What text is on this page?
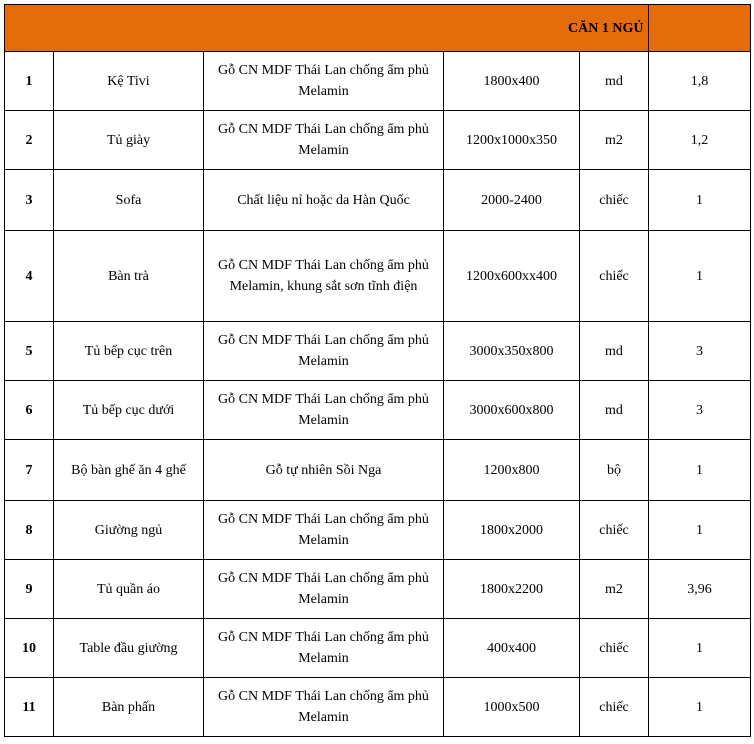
					CĂN 1 NGỦ
1	Kệ Tivi	Gỗ CN MDF Thái Lan chống ẩm phủ Melamin	1800x400	md	1,8
2	Tủ giày	Gỗ CN MDF Thái Lan chống ẩm phủ Melamin	1200x1000x350	m2	1,2
3	Sofa	Chất liệu nỉ hoặc da Hàn Quốc	2000-2400	chiếc	1
4	Bàn trà	Gỗ CN MDF Thái Lan chống ẩm phủ Melamin, khung sắt sơn tĩnh điện	1200x600xx400	chiếc	1
5	Tủ bếp cục trên	Gỗ CN MDF Thái Lan chống ẩm phủ Melamin	3000x350x800	md	3
6	Tủ bếp cục dưới	Gỗ CN MDF Thái Lan chống ẩm phủ Melamin	3000x600x800	md	3
7	Bộ bàn ghế ăn 4 ghế	Gỗ tự nhiên Sồi Nga	1200x800	bộ	1
8	Giường ngủ	Gỗ CN MDF Thái Lan chống ẩm phủ Melamin	1800x2000	chiếc	1
9	Tủ quần áo	Gỗ CN MDF Thái Lan chống ẩm phủ Melamin	1800x2200	m2	3,96
10	Table đầu giường	Gỗ CN MDF Thái Lan chống ẩm phủ Melamin	400x400	chiếc	1
11	Bàn phấn	Gỗ CN MDF Thái Lan chống ẩm phủ Melamin	1000x500	chiếc	1
